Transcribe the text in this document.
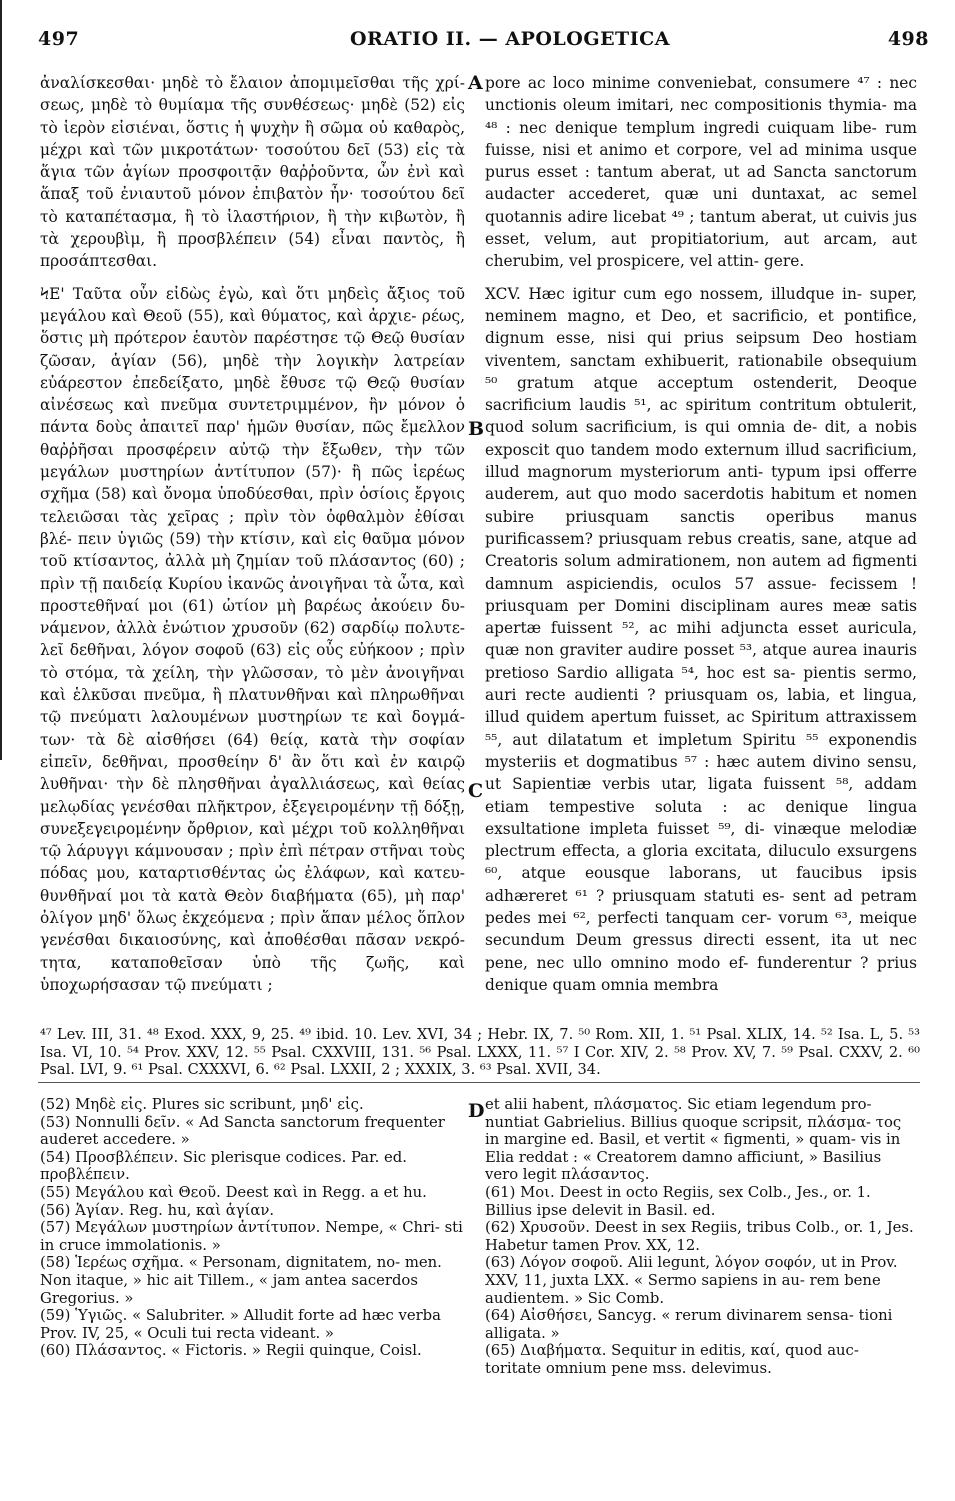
497	ORATIO II. — APOLOGETICA	498

ἀναλίσκεσθαι· μηδὲ τὸ ἔλαιον ἀπομιμεῖσθαι τῆς χρί- σεως, μηδὲ τὸ θυμίαμα τῆς συνθέσεως· μηδὲ (52) εἰς τὸ ἱερὸν εἰσιέναι, ὅστις ἡ ψυχὴν ἢ σῶμα οὐ καθαρὸς, μέχρι καὶ τῶν μικροτάτων· τοσούτου δεῖ (53) εἰς τὰ ἅγια τῶν ἁγίων προσφοιτᾷν θαῤῥοῦντα, ὧν ἐνὶ καὶ ἅπαξ τοῦ ἐνιαυτοῦ μόνον ἐπιβατὸν ἦν· τοσούτου δεῖ τὸ καταπέτασμα, ἢ τὸ ἱλαστήριον, ἢ τὴν κιβωτὸν, ἢ τὰ χερουβὶμ, ἢ προσβλέπειν (54) εἶναι παντὸς, ἢ προσάπτεσθαι.

ϞΕ' Ταῦτα οὖν εἰδὼς ἐγὼ, καὶ ὅτι μηδεὶς ἄξιος τοῦ μεγάλου καὶ Θεοῦ (55), καὶ θύματος, καὶ ἀρχιε- ρέως, ὅστις μὴ πρότερον ἑαυτὸν παρέστησε τῷ Θεῷ θυσίαν ζῶσαν, ἁγίαν (56), μηδὲ τὴν λογικὴν λατρείαν εὐάρεστον ἐπεδείξατο, μηδὲ ἔθυσε τῷ Θεῷ θυσίαν αἰνέσεως καὶ πνεῦμα συντετριμμένον, ἣν μόνον ὁ πάντα δοὺς ἀπαιτεῖ παρ' ἡμῶν θυσίαν, πῶς ἔμελλον θαῤῥῆσαι προσφέρειν αὐτῷ τὴν ἔξωθεν, τὴν τῶν μεγάλων μυστηρίων ἀντίτυπον (57)· ἢ πῶς ἱερέως σχῆμα (58) καὶ ὄνομα ὑποδύεσθαι, πρὶν ὁσίοις ἔργοις τελειῶσαι τὰς χεῖρας ; πρὶν τὸν ὀφθαλμὸν ἐθίσαι βλέ- πειν ὑγιῶς (59) τὴν κτίσιν, καὶ εἰς θαῦμα μόνον τοῦ κτίσαντος, ἀλλὰ μὴ ζημίαν τοῦ πλάσαντος (60) ; πρὶν τῇ παιδείᾳ Κυρίου ἱκανῶς ἀνοιγῆναι τὰ ὦτα, καὶ προστεθῆναί μοι (61) ὠτίον μὴ βαρέως ἀκούειν δυ- νάμενον, ἀλλὰ ἐνώτιον χρυσοῦν (62) σαρδίῳ πολυτε- λεῖ δεθῆναι, λόγον σοφοῦ (63) εἰς οὖς εὐήκοον ; πρὶν τὸ στόμα, τὰ χείλη, τὴν γλῶσσαν, τὸ μὲν ἀνοιγῆναι καὶ ἑλκῦσαι πνεῦμα, ἢ πλατυνθῆναι καὶ πληρωθῆναι τῷ πνεύματι λαλουμένων μυστηρίων τε καὶ δογμά- των· τὰ δὲ αἰσθήσει (64) θείᾳ, κατὰ τὴν σοφίαν εἰπεῖν, δεθῆναι, προσθείην δ' ἂν ὅτι καὶ ἐν καιρῷ λυθῆναι· τὴν δὲ πλησθῆναι ἀγαλλιάσεως, καὶ θείας μελῳδίας γενέσθαι πλῆκτρον, ἐξεγειρομένην τῇ δόξῃ, συνεξεγειρομένην ὄρθριον, καὶ μέχρι τοῦ κολληθῆναι τῷ λάρυγγι κάμνουσαν ; πρὶν ἐπὶ πέτραν στῆναι τοὺς πόδας μου, καταρτισθέντας ὡς ἐλάφων, καὶ κατευ- θυνθῆναί μοι τὰ κατὰ Θεὸν διαβήματα (65), μὴ παρ' ὀλίγον μηδ' ὅλως ἐκχεόμενα ; πρὶν ἅπαν μέλος ὅπλον γενέσθαι δικαιοσύνης, καὶ ἀποθέσθαι πᾶσαν νεκρό- τητα, καταποθεῖσαν ὑπὸ τῆς ζωῆς, καὶ ὑποχωρήσασαν τῷ πνεύματι ;

pore ac loco minime conveniebat, consumere ⁴⁷ : nec unctionis oleum imitari, nec compositionis thymia- ma ⁴⁸ : nec denique templum ingredi cuiquam libe- rum fuisse, nisi et animo et corpore, vel ad minima usque purus esset : tantum aberat, ut ad Sancta sanctorum audacter accederet, quæ uni duntaxat, ac semel quotannis adire licebat ⁴⁹ ; tantum aberat, ut cuivis jus esset, velum, aut propitiatorium, aut arcam, aut cherubim, vel prospicere, vel attin- gere.

XCV. Hæc igitur cum ego nossem, illudque in- super, neminem magno, et Deo, et sacrificio, et pontifice, dignum esse, nisi qui prius seipsum Deo hostiam viventem, sanctam exhibuerit, rationabile obsequium ⁵⁰ gratum atque acceptum ostenderit, Deoque sacrificium laudis ⁵¹, ac spiritum contritum obtulerit, quod solum sacrificium, is qui omnia de- dit, a nobis exposcit quo tandem modo externum illud sacrificium, illud magnorum mysteriorum anti- typum ipsi offerre auderem, aut quo modo sacerdotis habitum et nomen subire priusquam sanctis operibus manus purificassem? priusquam rebus creatis, sane, atque ad Creatoris solum admirationem, non autem ad figmenti damnum aspiciendis, oculos 57 assue- fecissem ! priusquam per Domini disciplinam aures meæ satis apertæ fuissent ⁵², ac mihi adjuncta esset auricula, quæ non graviter audire posset ⁵³, atque aurea inauris pretioso Sardio alligata ⁵⁴, hoc est sa- pientis sermo, auri recte audienti ? priusquam os, labia, et lingua, illud quidem apertum fuisset, ac Spiritum attraxissem ⁵⁵, aut dilatatum et impletum Spiritu ⁵⁵ exponendis mysteriis et dogmatibus ⁵⁷ : hæc autem divino sensu, ut Sapientiæ verbis utar, ligata fuissent ⁵⁸, addam etiam tempestive soluta : ac denique lingua exsultatione impleta fuisset ⁵⁹, di- vinæque melodiæ plectrum effecta, a gloria excitata, diluculo exsurgens ⁶⁰, atque eousque laborans, ut faucibus ipsis adhæreret ⁶¹ ? priusquam statuti es- sent ad petram pedes mei ⁶², perfecti tanquam cer- vorum ⁶³, meique secundum Deum gressus directi essent, ita ut nec pene, nec ullo omnino modo ef- funderentur ? prius denique quam omnia membra

A
B
C
D
⁴⁷ Lev. III, 31. ⁴⁸ Exod. XXX, 9, 25. ⁴⁹ ibid. 10. Lev. XVI, 34 ; Hebr. IX, 7. ⁵⁰ Rom. XII, 1. ⁵¹ Psal. XLIX, 14. ⁵² Isa. L, 5. ⁵³ Isa. VI, 10. ⁵⁴ Prov. XXV, 12. ⁵⁵ Psal. CXXVIII, 131. ⁵⁶ Psal. LXXX, 11. ⁵⁷ I Cor. XIV, 2. ⁵⁸ Prov. XV, 7. ⁵⁹ Psal. CXXV, 2. ⁶⁰ Psal. LVI, 9. ⁶¹ Psal. CXXXVI, 6. ⁶² Psal. LXXII, 2 ; XXXIX, 3. ⁶³ Psal. XVII, 34.
(52) Μηδὲ εἰς. Plures sic scribunt, μηδ' εἰς.
(53) Nonnulli δεῖν. « Ad Sancta sanctorum frequenter auderet accedere. »
(54) Προσβλέπειν. Sic plerisque codices. Par. ed. προβλέπειν.
(55) Μεγάλου καὶ Θεοῦ. Deest καὶ in Regg. a et hu.
(56) Ἁγίαν. Reg. hu, καὶ ἁγίαν.
(57) Μεγάλων μυστηρίων ἀντίτυπον. Nempe, « Chri- sti in cruce immolationis. »
(58) Ἱερέως σχῆμα. « Personam, dignitatem, no- men. Non itaque, » hic ait Tillem., « jam antea sacerdos Gregorius. »
(59) Ὑγιῶς. « Salubriter. » Alludit forte ad hæc verba Prov. IV, 25, « Oculi tui recta videant. »
(60) Πλάσαντος. « Fictoris. » Regii quinque, Coisl.
et alii habent, πλάσματος. Sic etiam legendum pro- nuntiat Gabrielius. Billius quoque scripsit, πλάσμα- τος in margine ed. Basil, et vertit « figmenti, » quam- vis in Elia reddat : « Creatorem damno afficiunt, » Basilius vero legit πλάσαντος.
(61) Μοι. Deest in octo Regiis, sex Colb., Jes., or. 1. Billius ipse delevit in Basil. ed.
(62) Χρυσοῦν. Deest in sex Regiis, tribus Colb., or. 1, Jes. Habetur tamen Prov. XX, 12.
(63) Λόγον σοφοῦ. Alii legunt, λόγον σοφόν, ut in Prov. XXV, 11, juxta LXX. « Sermo sapiens in au- rem bene audientem. » Sic Comb.
(64) Αἰσθήσει, Sancyg. « rerum divinarem sensa- tioni alligata. »
(65) Διαβήματα. Sequitur in editis, καί, quod auc- toritate omnium pene mss. delevimus.
